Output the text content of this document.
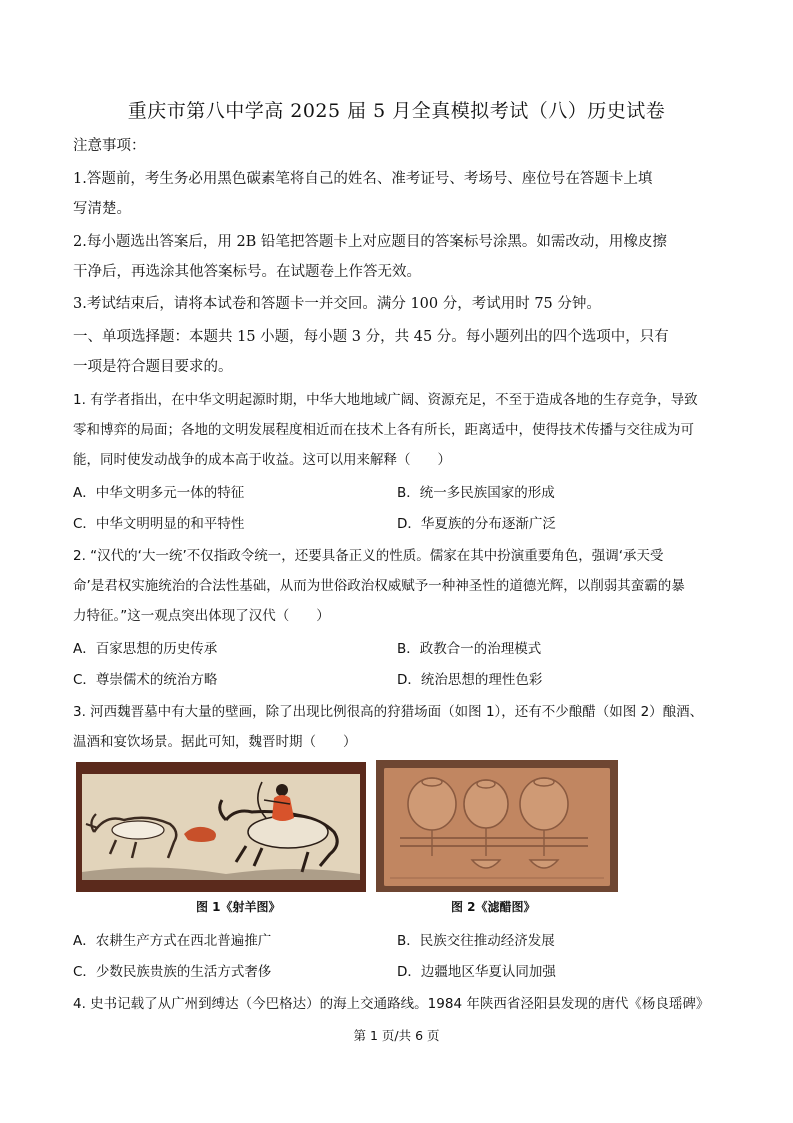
重庆市第八中学高 2025 届 5 月全真模拟考试（八）历史试卷
注意事项：
1.答题前，考生务必用黑色碳素笔将自己的姓名、准考证号、考场号、座位号在答题卡上填
写清楚。
2.每小题选出答案后，用 2B 铅笔把答题卡上对应题目的答案标号涂黑。如需改动，用橡皮擦
干净后，再选涂其他答案标号。在试题卷上作答无效。
3.考试结束后，请将本试卷和答题卡一并交回。满分 100 分，考试用时 75 分钟。
一、单项选择题：本题共 15 小题，每小题 3 分，共 45 分。每小题列出的四个选项中，只有
一项是符合题目要求的。
1. 有学者指出，在中华文明起源时期，中华大地地域广阔、资源充足，不至于造成各地的生存竞争，导致
零和博弈的局面；各地的文明发展程度相近而在技术上各有所长，距离适中，使得技术传播与交往成为可
能，同时使发动战争的成本高于收益。这可以用来解释（　　）
A．中华文明多元一体的特征	B．统一多民族国家的形成
C．中华文明明显的和平特性	D．华夏族的分布逐渐广泛
2. “汉代的‘大一统’不仅指政令统一，还要具备正义的性质。儒家在其中扮演重要角色，强调‘承天受
命’是君权实施统治的合法性基础，从而为世俗政治权威赋予一种神圣性的道德光辉，以削弱其蛮霸的暴
力特征。”这一观点突出体现了汉代（　　）
A．百家思想的历史传承	B．政教合一的治理模式
C．尊崇儒术的统治方略	D．统治思想的理性色彩
3. 河西魏晋墓中有大量的壁画，除了出现比例很高的狩猎场面（如图 1），还有不少酿醋（如图 2）酿酒、
温酒和宴饮场景。据此可知，魏晋时期（　　）
图 1《射羊图》	图 2《滤醋图》
A．农耕生产方式在西北普遍推广	B．民族交往推动经济发展
C．少数民族贵族的生活方式奢侈	D．边疆地区华夏认同加强
4. 史书记载了从广州到缚达（今巴格达）的海上交通路线。1984 年陕西省泾阳县发现的唐代《杨良瑶碑》
第 1 页/共 6 页
